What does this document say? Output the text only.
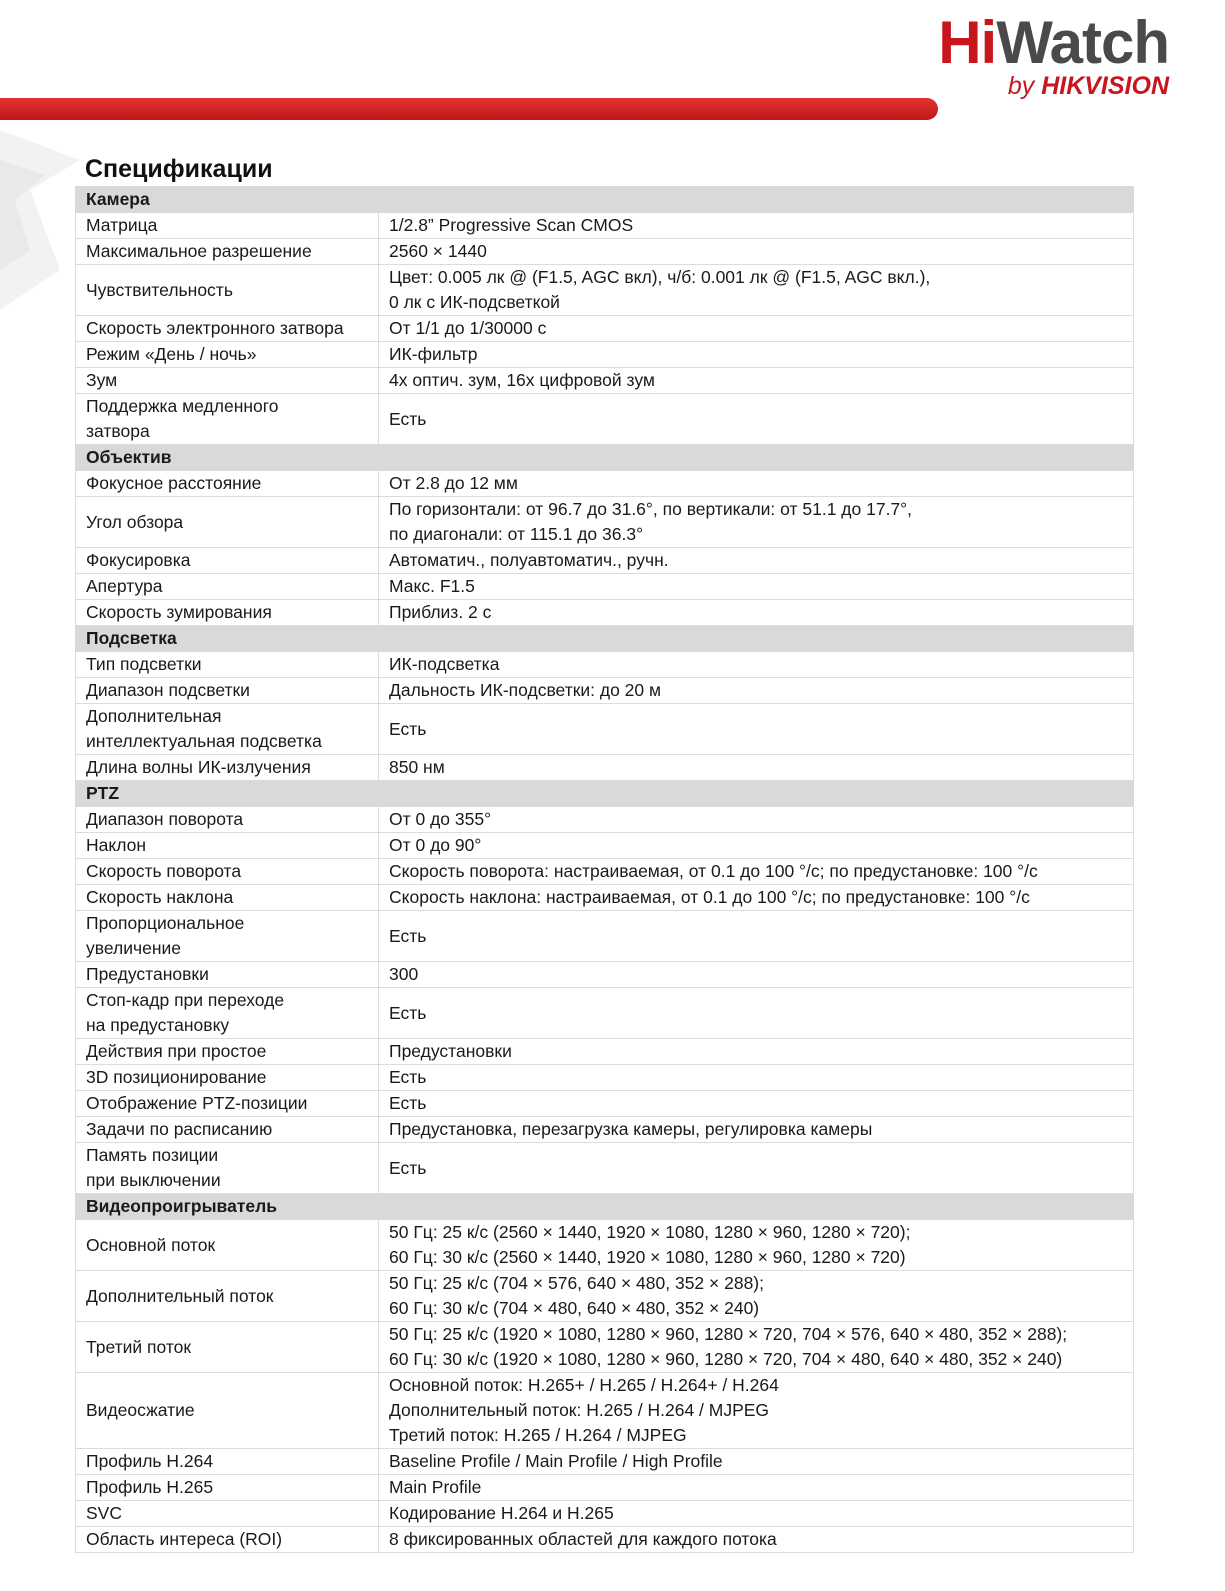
HiWatch
by HIKVISION
Спецификации
Камера	

Матрица	1/2.8” Progressive Scan CMOS

Максимальное разрешение	2560 × 1440

Чувствительность	Цвет: 0.005 лк @ (F1.5, AGC вкл), ч/б: 0.001 лк @ (F1.5, AGC вкл.),
0 лк с ИК-подсветкой

Скорость электронного затвора	От 1/1 до 1/30000 с

Режим «День / ночь»	ИК-фильтр

Зум	4x оптич. зум, 16x цифровой зум

Поддержка медленного
затвора	Есть

Объектив	

Фокусное расстояние	От 2.8 до 12 мм

Угол обзора	По горизонтали: от 96.7 до 31.6°, по вертикали: от 51.1 до 17.7°,
по диагонали: от 115.1 до 36.3°

Фокусировка	Автоматич., полуавтоматич., ручн.

Апертура	Макс. F1.5

Скорость зумирования	Приблиз. 2 с

Подсветка	

Тип подсветки	ИК-подсветка

Диапазон подсветки	Дальность ИК-подсветки: до 20 м

Дополнительная
интеллектуальная подсветка	Есть

Длина волны ИК-излучения	850 нм

PTZ	

Диапазон поворота	От 0 до 355°

Наклон	От 0 до 90°

Скорость поворота	Скорость поворота: настраиваемая, от 0.1 до 100 °/с; по предустановке: 100 °/с

Скорость наклона	Скорость наклона: настраиваемая, от 0.1 до 100 °/с; по предустановке: 100 °/с

Пропорциональное
увеличение	Есть

Предустановки	300

Стоп-кадр при переходе
на предустановку	Есть

Действия при простое	Предустановки

3D позиционирование	Есть

Отображение PTZ-позиции	Есть

Задачи по расписанию	Предустановка, перезагрузка камеры, регулировка камеры

Память позиции
при выключении	Есть

Видеопроигрыватель	

Основной поток	50 Гц: 25 к/с (2560 × 1440, 1920 × 1080, 1280 × 960, 1280 × 720);
60 Гц: 30 к/с (2560 × 1440, 1920 × 1080, 1280 × 960, 1280 × 720)

Дополнительный поток	50 Гц: 25 к/с (704 × 576, 640 × 480, 352 × 288);
60 Гц: 30 к/с (704 × 480, 640 × 480, 352 × 240)

Третий поток	50 Гц: 25 к/с (1920 × 1080, 1280 × 960, 1280 × 720, 704 × 576, 640 × 480, 352 × 288);
60 Гц: 30 к/с (1920 × 1080, 1280 × 960, 1280 × 720, 704 × 480, 640 × 480, 352 × 240)

Видеосжатие	Основной поток: H.265+ / H.265 / H.264+ / H.264
Дополнительный поток: H.265 / H.264 / MJPEG
Третий поток: H.265 / H.264 / MJPEG

Профиль H.264	Baseline Profile / Main Profile / High Profile

Профиль H.265	Main Profile

SVC	Кодирование H.264 и H.265

Область интереса (ROI)	8 фиксированных областей для каждого потока
